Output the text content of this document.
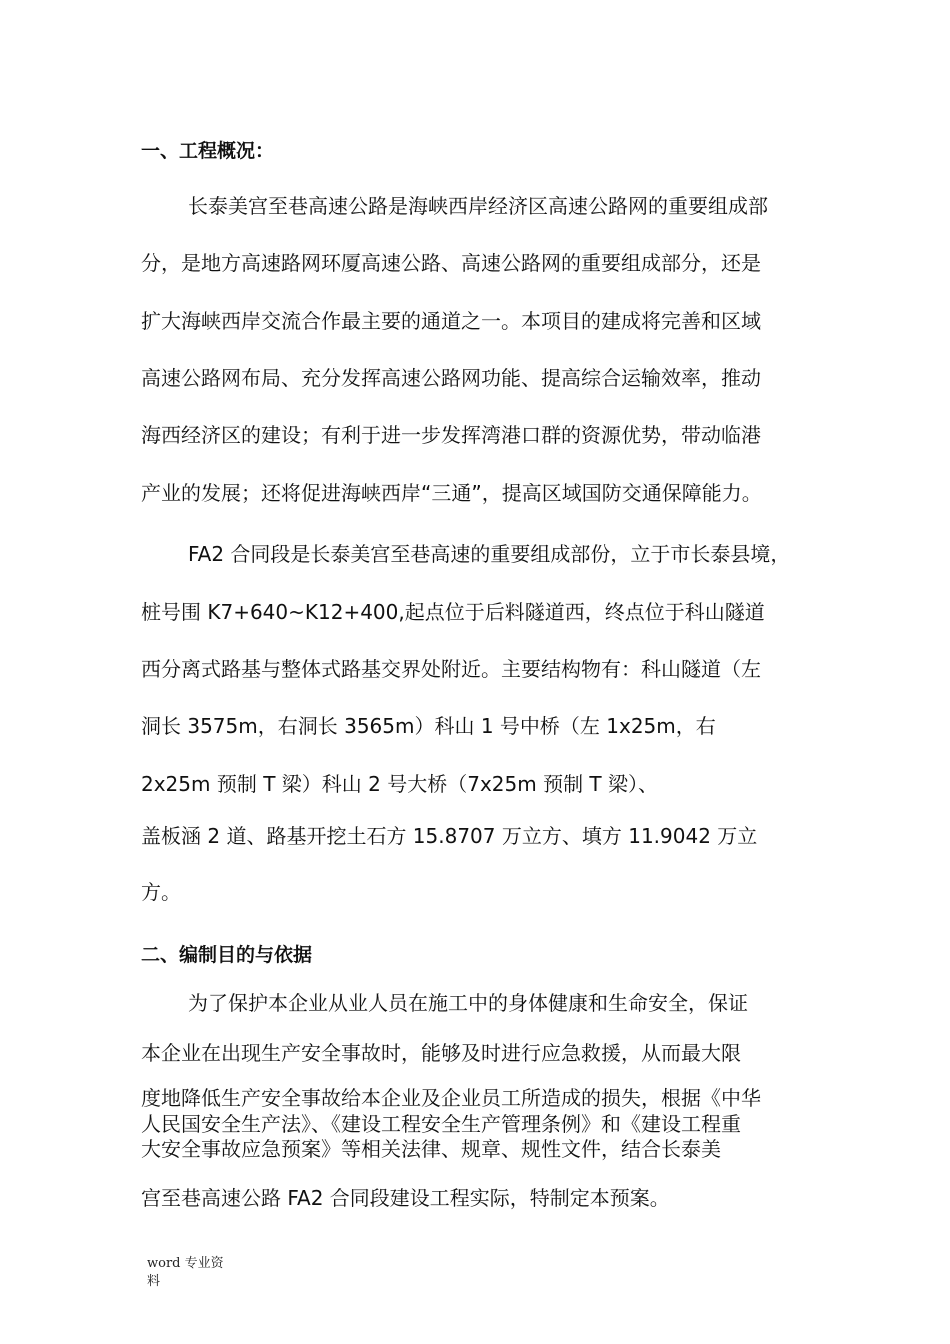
一、工程概况：

长泰美宫至巷高速公路是海峡西岸经济区高速公路网的重要组成部

分，是地方高速路网环厦高速公路、高速公路网的重要组成部分，还是

扩大海峡西岸交流合作最主要的通道之一。本项目的建成将完善和区域

高速公路网布局、充分发挥高速公路网功能、提高综合运输效率，推动

海西经济区的建设；有利于进一步发挥湾港口群的资源优势，带动临港

产业的发展；还将促进海峡西岸“三通”，提高区域国防交通保障能力。

FA2 合同段是长泰美宫至巷高速的重要组成部份，立于市长泰县境，

桩号围 K7+640~K12+400,起点位于后料隧道西，终点位于科山隧道

西分离式路基与整体式路基交界处附近。主要结构物有：科山隧道（左

洞长 3575m，右洞长 3565m）科山 1 号中桥（左 1x25m，右

2x25m 预制 T 梁）科山 2 号大桥（7x25m 预制 T 梁）、

盖板涵 2 道、路基开挖土石方 15.8707 万立方、填方 11.9042 万立

方。

二、编制目的与依据

为了保护本企业从业人员在施工中的身体健康和生命安全，保证

本企业在出现生产安全事故时，能够及时进行应急救援，从而最大限

度地降低生产安全事故给本企业及企业员工所造成的损失，根据《中华

人民国安全生产法》、《建设工程安全生产管理条例》和《建设工程重

大安全事故应急预案》等相关法律、规章、规性文件，结合长泰美

宫至巷高速公路 FA2 合同段建设工程实际，特制定本预案。

word 专业资

料
